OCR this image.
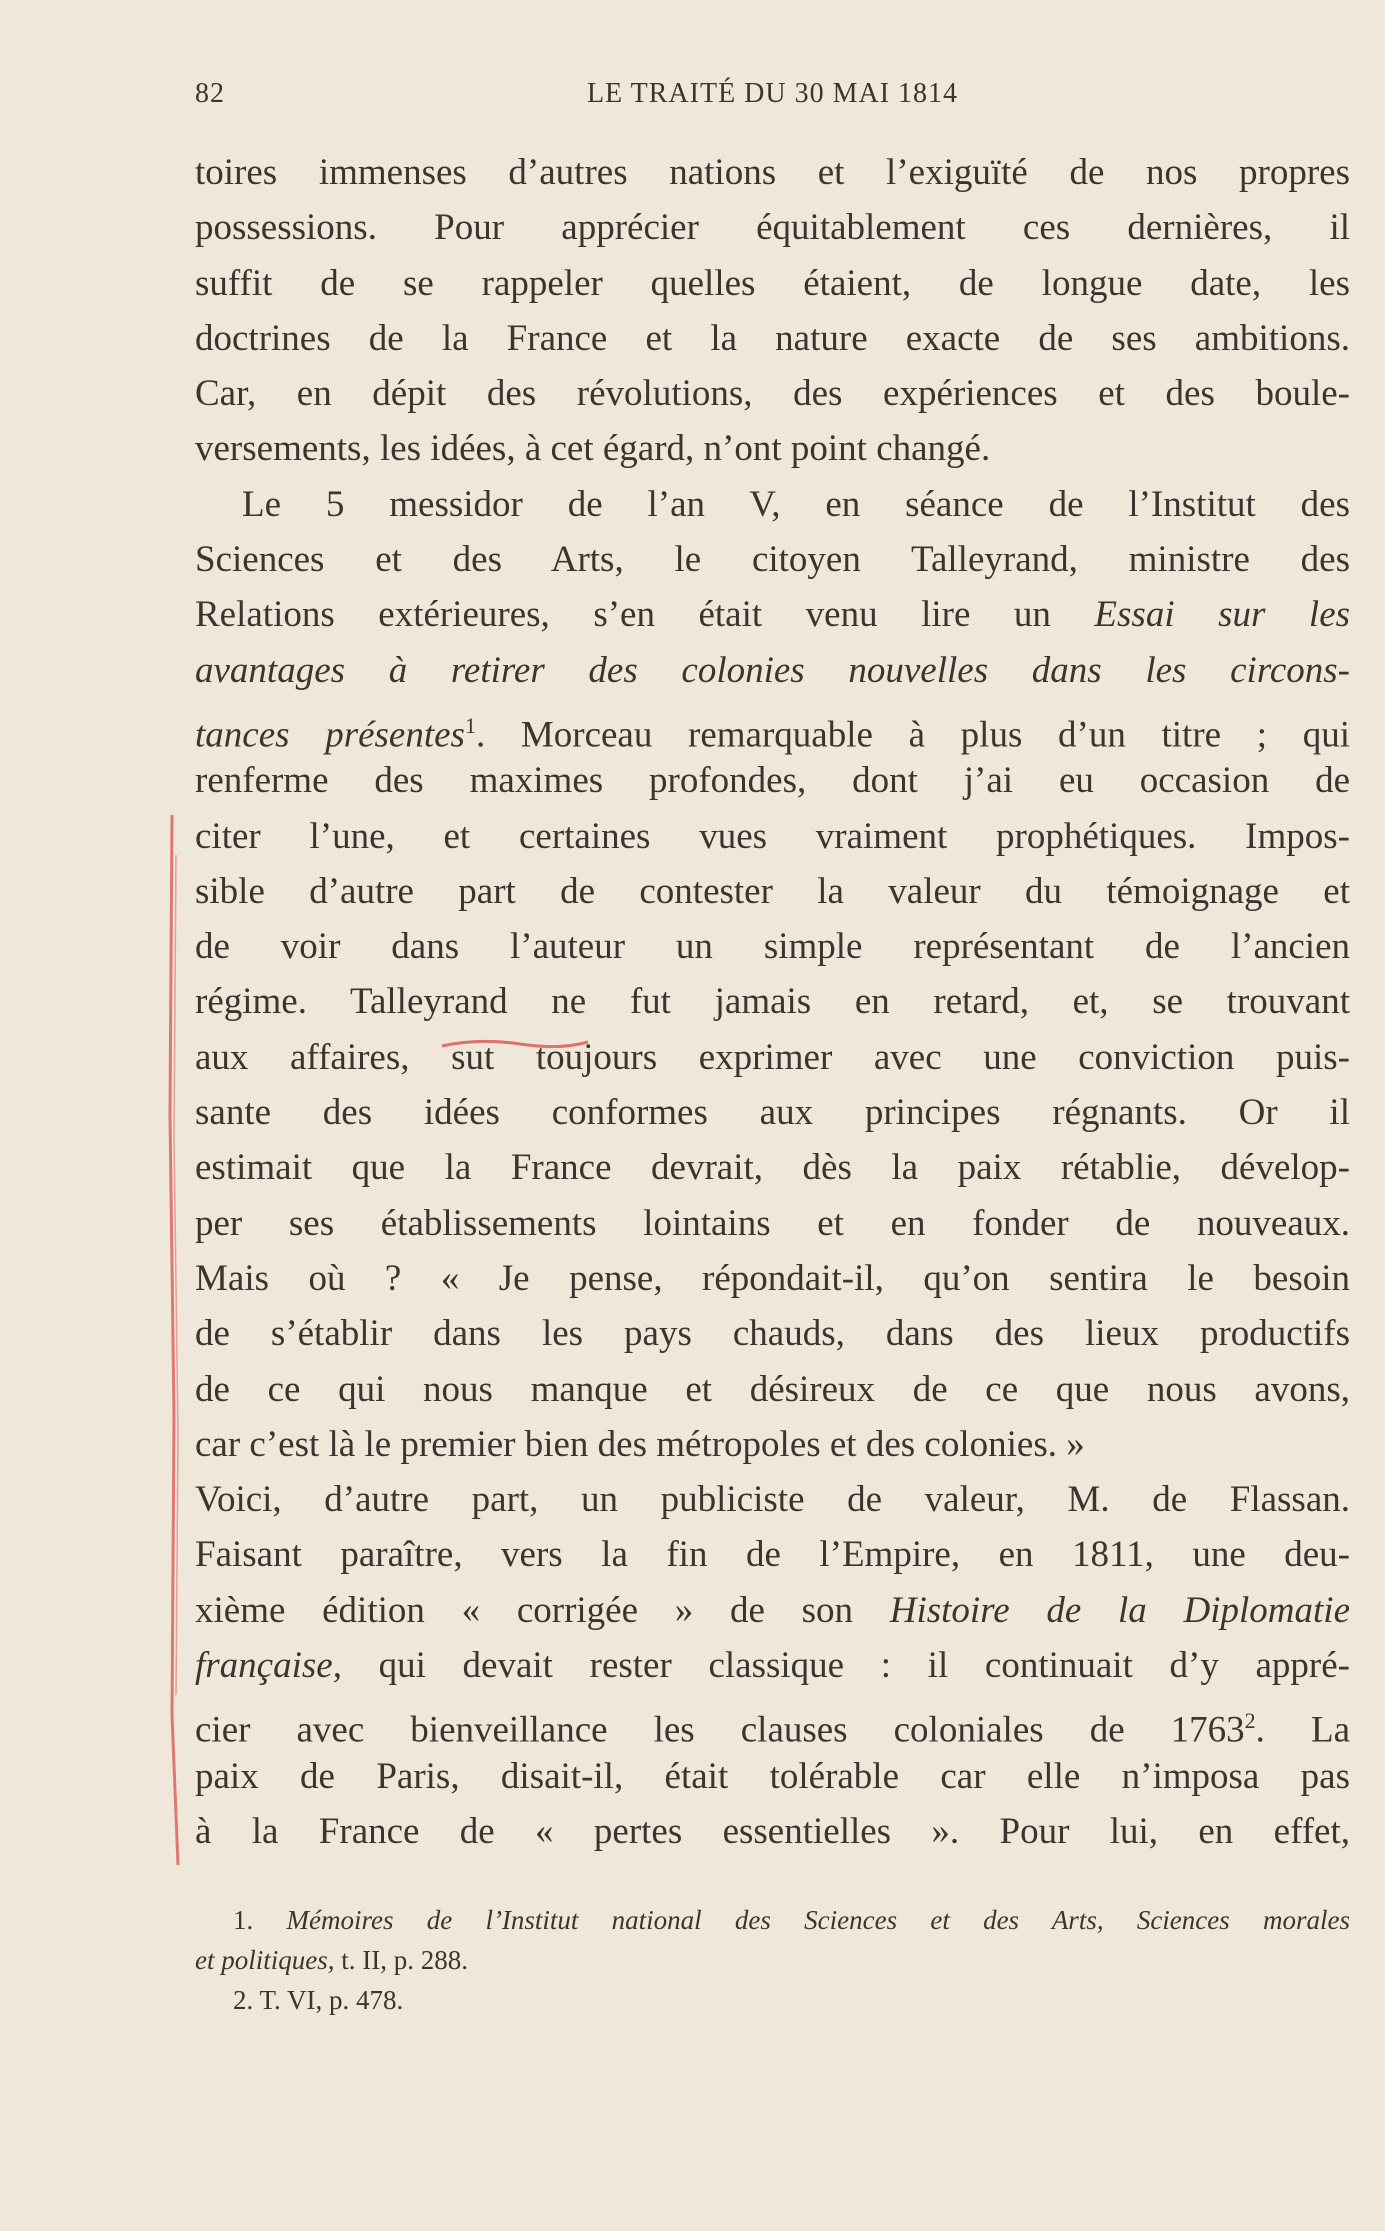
82	LE TRAITÉ DU 30 MAI 1814
toires immenses d’autres nations et l’exiguïté de nos propres
possessions. Pour apprécier équitablement ces dernières, il
suffit de se rappeler quelles étaient, de longue date, les
doctrines de la France et la nature exacte de ses ambitions.
Car, en dépit des révolutions, des expériences et des boule-
versements, les idées, à cet égard, n’ont point changé.
Le 5 messidor de l’an V, en séance de l’Institut des
Sciences et des Arts, le citoyen Talleyrand, ministre des
Relations extérieures, s’en était venu lire un Essai sur les
avantages à retirer des colonies nouvelles dans les circons-
tances présentes$^1$. Morceau remarquable à plus d’un titre ; qui
renferme des maximes profondes, dont j’ai eu occasion de
citer l’une, et certaines vues vraiment prophétiques. Impos-
sible d’autre part de contester la valeur du témoignage et
de voir dans l’auteur un simple représentant de l’ancien
régime. Talleyrand ne fut jamais en retard, et, se trouvant
aux affaires, sut toujours exprimer avec une conviction puis-
sante des idées conformes aux principes régnants. Or il
estimait que la France devrait, dès la paix rétablie, dévelop-
per ses établissements lointains et en fonder de nouveaux.
Mais où ? « Je pense, répondait-il, qu’on sentira le besoin
de s’établir dans les pays chauds, dans des lieux productifs
de ce qui nous manque et désireux de ce que nous avons,
car c’est là le premier bien des métropoles et des colonies. »
Voici, d’autre part, un publiciste de valeur, M. de Flassan.
Faisant paraître, vers la fin de l’Empire, en 1811, une deu-
xième édition « corrigée » de son Histoire de la Diplomatie
française, qui devait rester classique : il continuait d’y appré-
cier avec bienveillance les clauses coloniales de 1763$^2$. La
paix de Paris, disait-il, était tolérable car elle n’imposa pas
à la France de « pertes essentielles ». Pour lui, en effet,
1. Mémoires de l’Institut national des Sciences et des Arts, Sciences morales
et politiques, t. II, p. 288.
2. T. VI, p. 478.
